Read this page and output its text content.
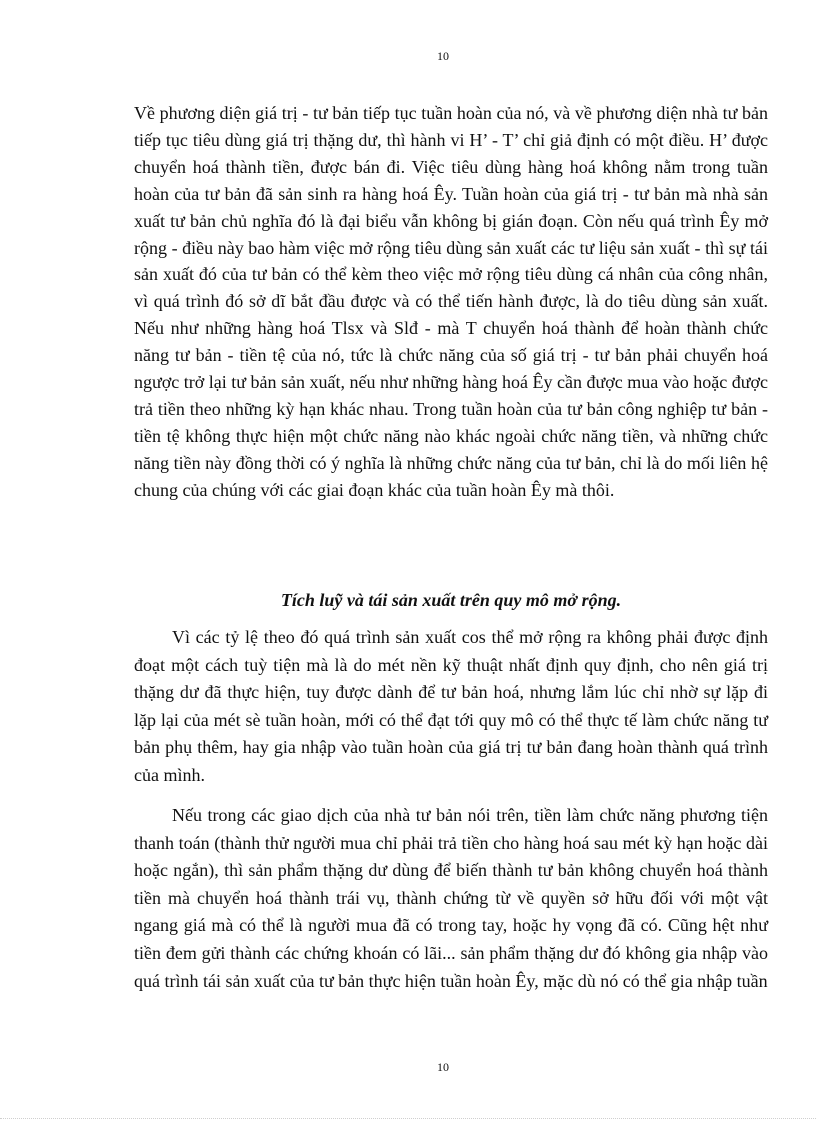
10

Về phương diện giá trị - tư bản tiếp tục tuần hoàn của nó, và về phương diện nhà tư bản tiếp tục tiêu dùng giá trị thặng dư, thì hành vi H’ - T’ chỉ giả định có một điều. H’ được chuyển hoá thành tiền, được bán đi. Việc tiêu dùng hàng hoá không nằm trong tuần hoàn của tư bản đã sản sinh ra hàng hoá Êy. Tuần hoàn của giá trị - tư bản mà nhà sản xuất tư bản chủ nghĩa đó là đại biểu vẫn không bị gián đoạn. Còn nếu quá trình Êy mở rộng - điều này bao hàm việc mở rộng tiêu dùng sản xuất các tư liệu sản xuất - thì sự tái sản xuất đó của tư bản có thể kèm theo việc mở rộng tiêu dùng cá nhân của công nhân, vì quá trình đó sở dĩ bắt đầu được và có thể tiến hành được, là do tiêu dùng sản xuất. Nếu như những hàng hoá Tlsx và Slđ - mà T chuyển hoá thành để hoàn thành chức năng tư bản - tiền tệ của nó, tức là chức năng của số giá trị - tư bản phải chuyển hoá ngược trở lại tư bản sản xuất, nếu như những hàng hoá Êy cần được mua vào hoặc được trả tiền theo những kỳ hạn khác nhau. Trong tuần hoàn của tư bản công nghiệp tư bản - tiền tệ không thực hiện một chức năng nào khác ngoài chức năng tiền, và những chức năng tiền này đồng thời có ý nghĩa là những chức năng của tư bản, chỉ là do mối liên hệ chung của chúng với các giai đoạn khác của tuần hoàn Êy mà thôi.

Tích luỹ và tái sản xuất trên quy mô mở rộng.

Vì các tỷ lệ theo đó quá trình sản xuất cos thể mở rộng ra không phải được định đoạt một cách tuỳ tiện mà là do mét nền kỹ thuật nhất định quy định, cho nên giá trị thặng dư đã thực hiện, tuy được dành để tư bản hoá, nhưng lắm lúc chỉ nhờ sự lặp đi lặp lại của mét sè tuần hoàn, mới có thể đạt tới quy mô có thể thực tế làm chức năng tư bản phụ thêm, hay gia nhập vào tuần hoàn của giá trị tư bản đang hoàn thành quá trình của mình.

Nếu trong các giao dịch của nhà tư bản nói trên, tiền làm chức năng phương tiện thanh toán (thành thử người mua chỉ phải trả tiền cho hàng hoá sau mét kỳ hạn hoặc dài hoặc ngắn), thì sản phẩm thặng dư dùng để biến thành tư bản không chuyển hoá thành tiền mà chuyển hoá thành trái vụ, thành chứng từ về quyền sở hữu đối với một vật ngang giá mà có thể là người mua đã có trong tay, hoặc hy vọng đã có. Cũng hệt như tiền đem gửi thành các chứng khoán có lãi... sản phẩm thặng dư đó không gia nhập vào quá trình tái sản xuất của tư bản thực hiện tuần hoàn Êy, mặc dù nó có thể gia nhập tuần

10
